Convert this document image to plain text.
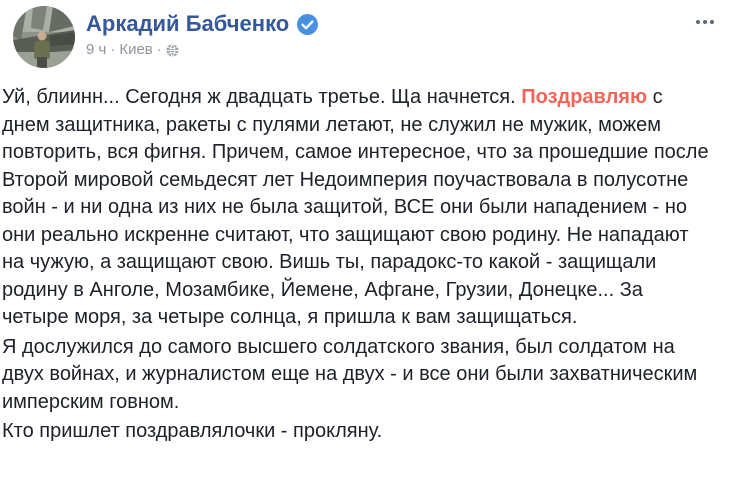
Аркадий Бабченко
9 ч · Киев ·

Уй, блиинн... Сегодня ж двадцать третье. Ща начнется. Поздравляю с днем защитника, ракеты с пулями летают, не служил не мужик, можем повторить, вся фигня. Причем, самое интересное, что за прошедшие после Второй мировой семьдесят лет Недоимперия поучаствовала в полусотне войн - и ни одна из них не была защитой, ВСЕ они были нападением - но они реально искренне считают, что защищают свою родину. Не нападают на чужую, а защищают свою. Вишь ты, парадокс-то какой - защищали родину в Анголе, Мозамбике, Йемене, Афгане, Грузии, Донецке... За четыре моря, за четыре солнца, я пришла к вам защищаться.

Я дослужился до самого высшего солдатского звания, был солдатом на двух войнах, и журналистом еще на двух - и все они были захватническим имперским говном.

Кто пришлет поздравлялочки - прокляну.
